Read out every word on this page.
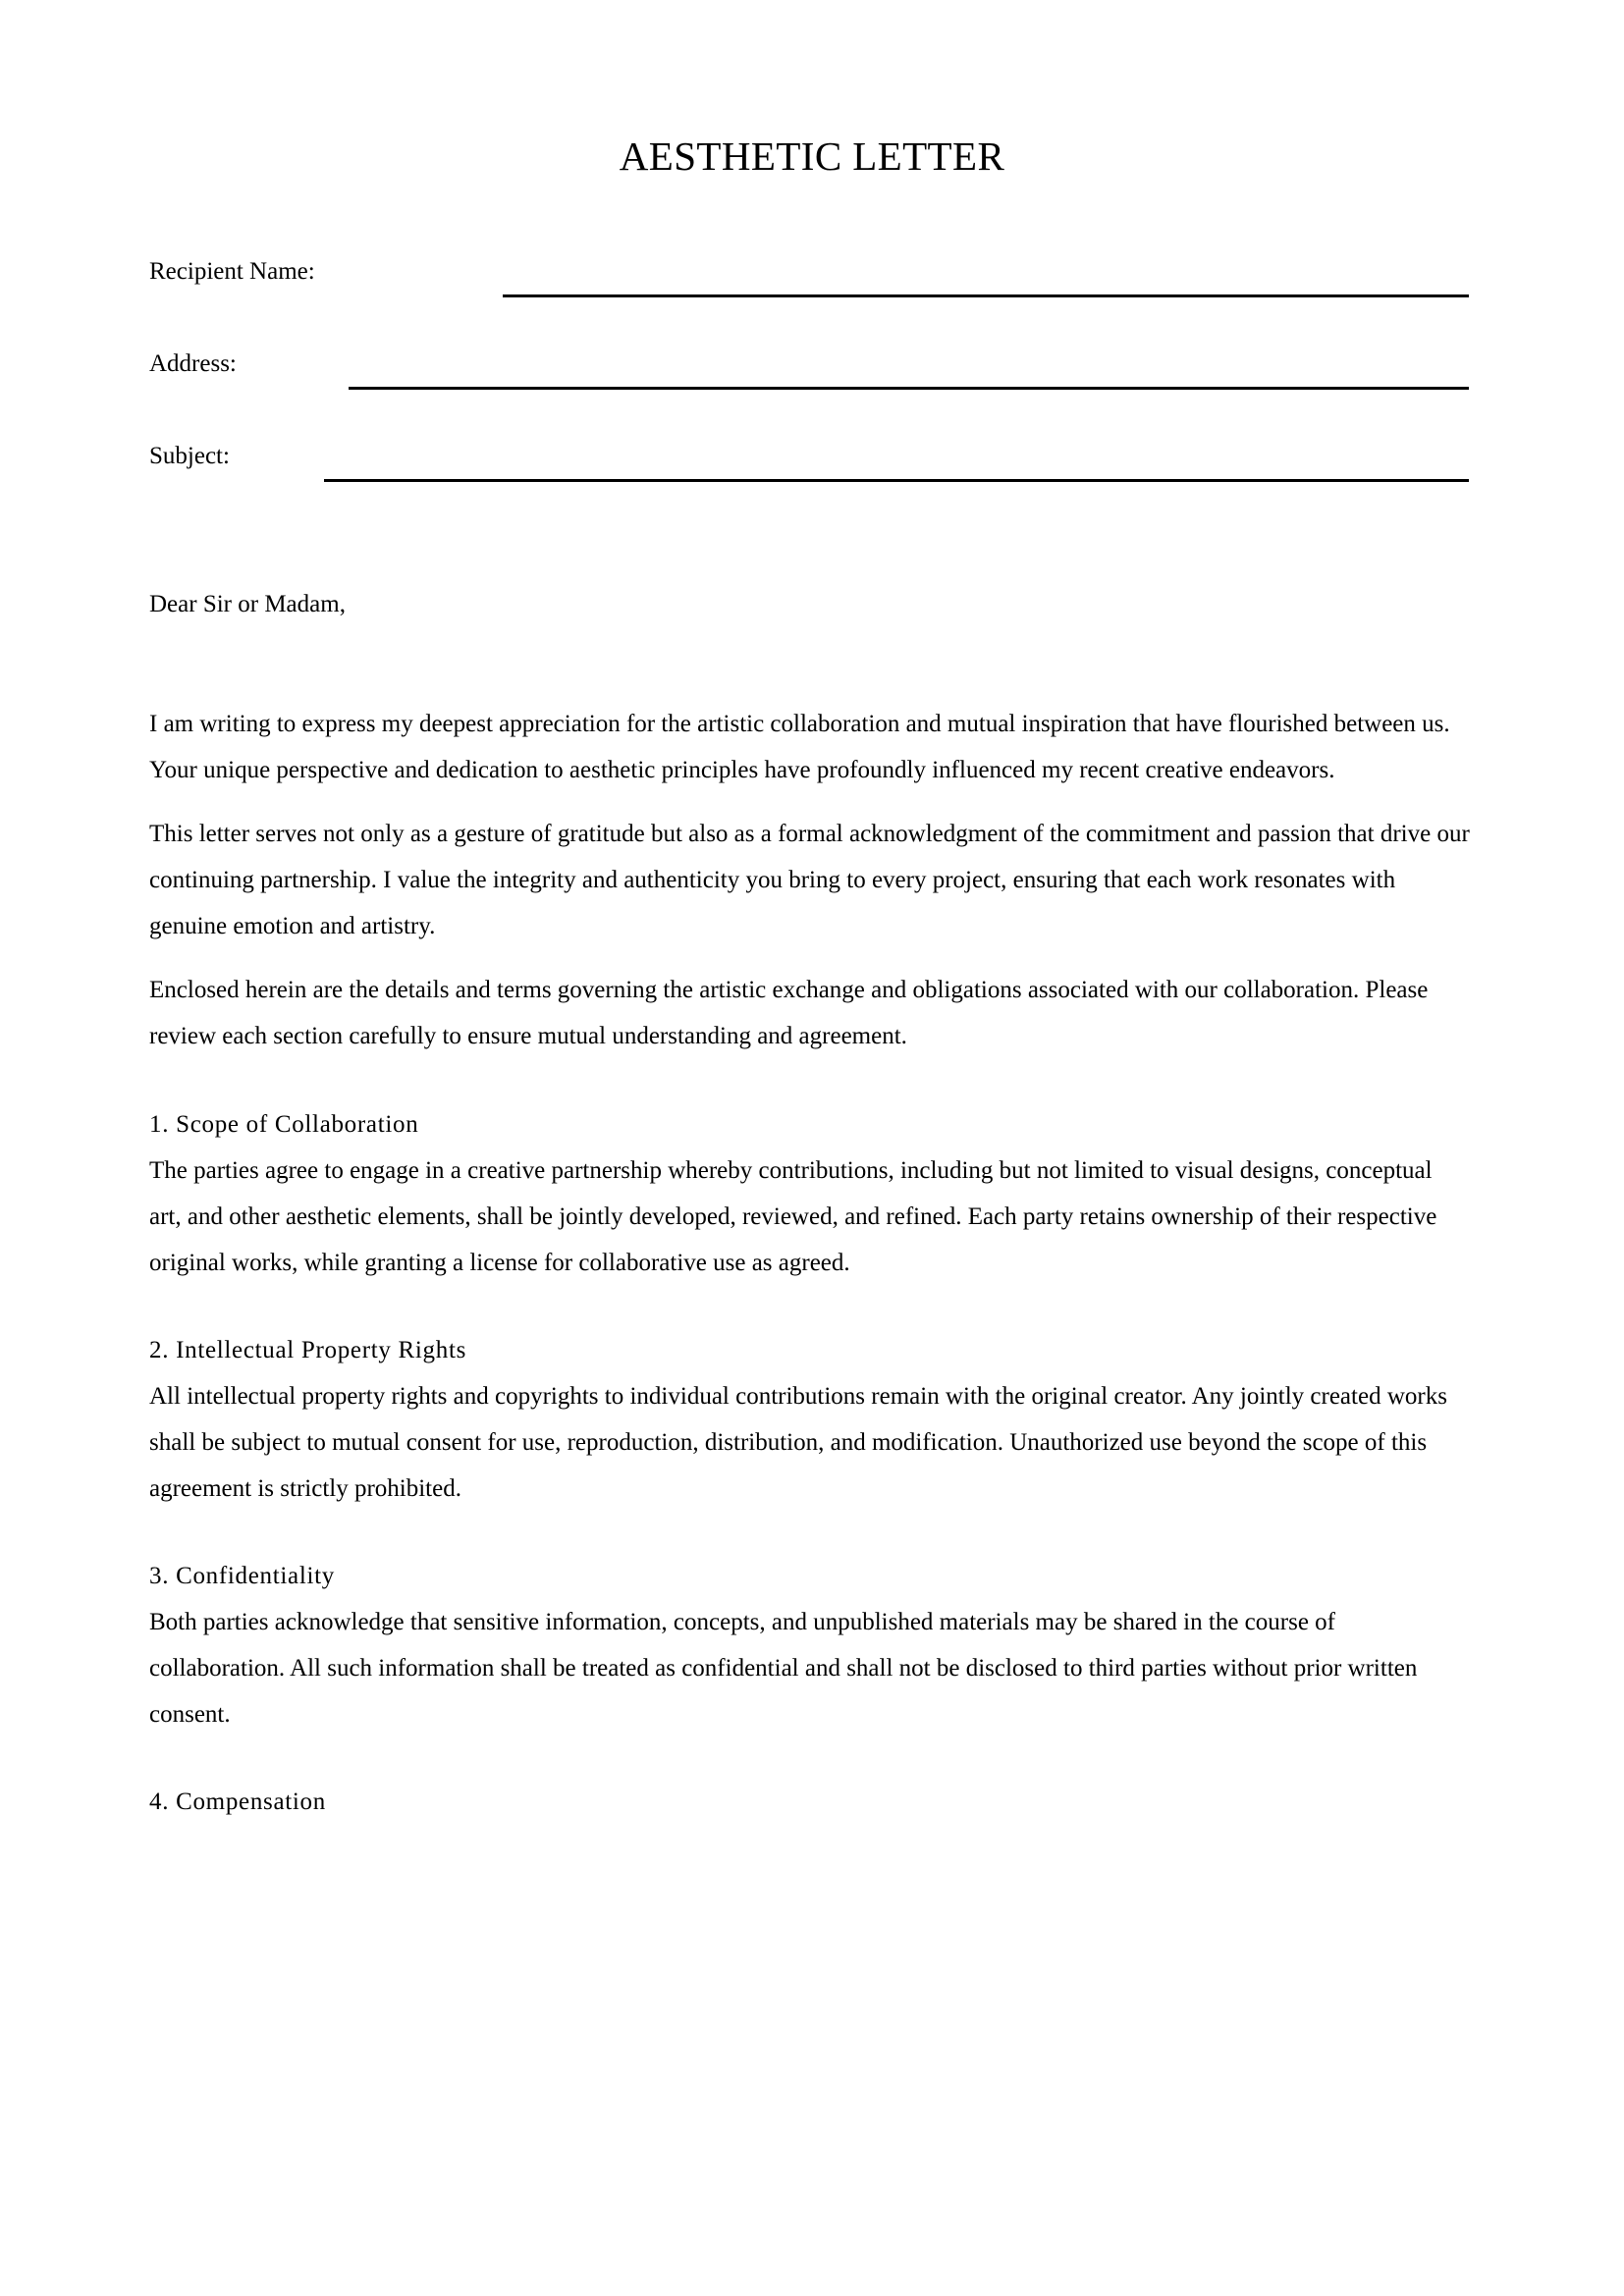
AESTHETIC LETTER
Recipient Name:
Address:
Subject:

Dear Sir or Madam,

I am writing to express my deepest appreciation for the artistic collaboration and mutual inspiration that have flourished between us. Your unique perspective and dedication to aesthetic principles have profoundly influenced my recent creative endeavors.

This letter serves not only as a gesture of gratitude but also as a formal acknowledgment of the commitment and passion that drive our continuing partnership. I value the integrity and authenticity you bring to every project, ensuring that each work resonates with genuine emotion and artistry.

Enclosed herein are the details and terms governing the artistic exchange and obligations associated with our collaboration. Please review each section carefully to ensure mutual understanding and agreement.

1. Scope of Collaboration

The parties agree to engage in a creative partnership whereby contributions, including but not limited to visual designs, conceptual art, and other aesthetic elements, shall be jointly developed, reviewed, and refined. Each party retains ownership of their respective original works, while granting a license for collaborative use as agreed.

2. Intellectual Property Rights

All intellectual property rights and copyrights to individual contributions remain with the original creator. Any jointly created works shall be subject to mutual consent for use, reproduction, distribution, and modification. Unauthorized use beyond the scope of this agreement is strictly prohibited.

3. Confidentiality

Both parties acknowledge that sensitive information, concepts, and unpublished materials may be shared in the course of collaboration. All such information shall be treated as confidential and shall not be disclosed to third parties without prior written consent.

4. Compensation
